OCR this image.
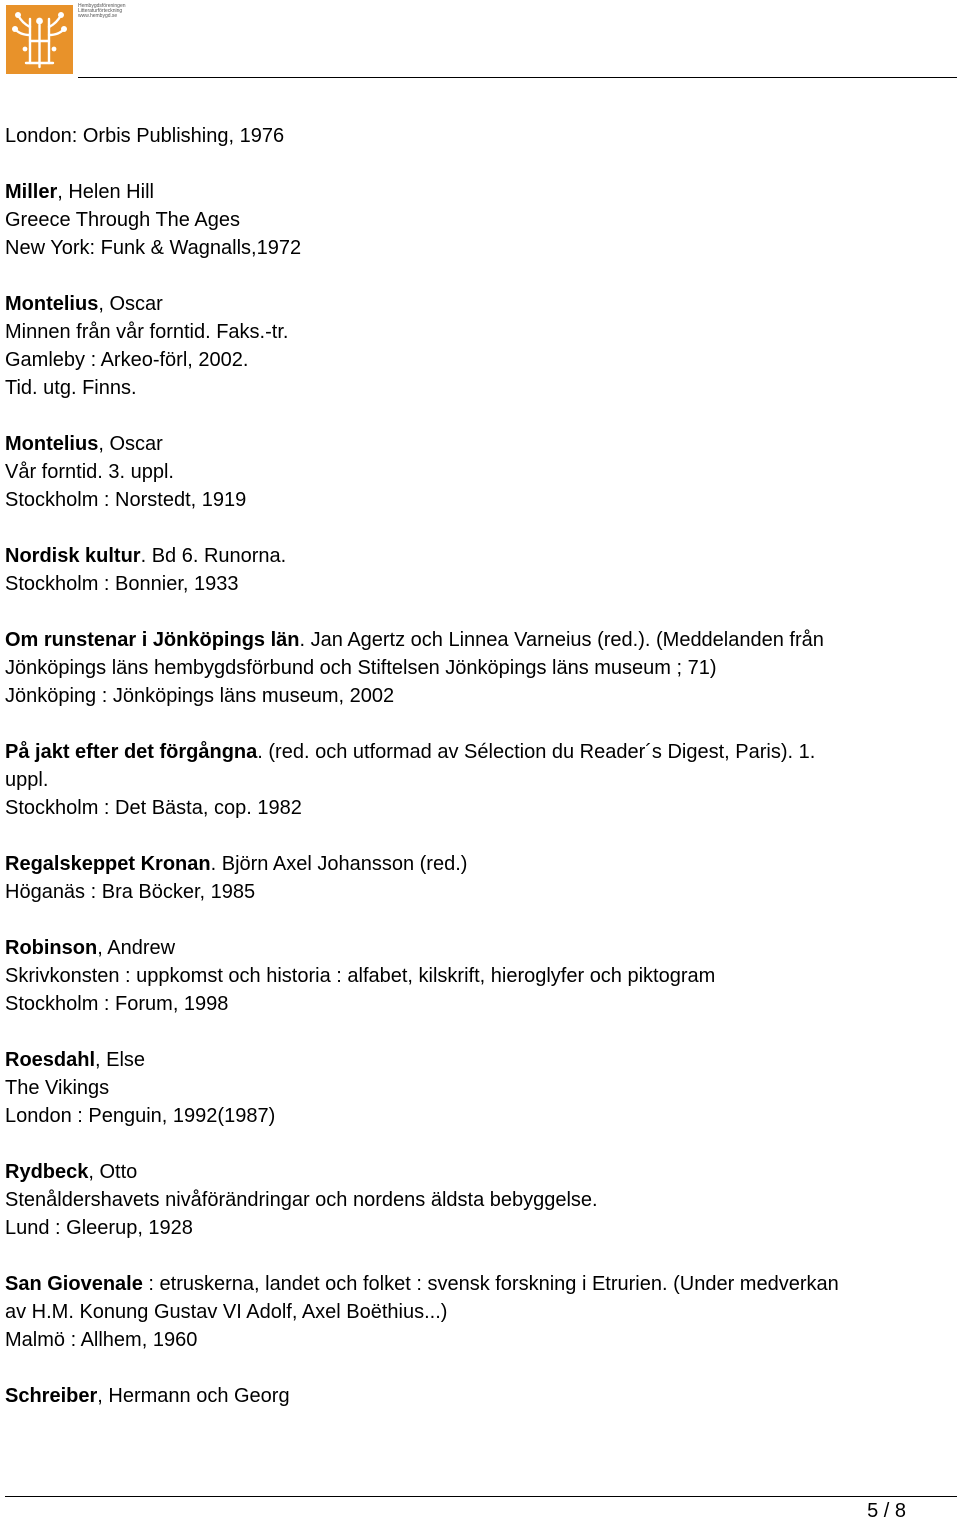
Hembygdsföreningen
Litteraturförteckning
www.hembygd.se

London: Orbis Publishing, 1976

Miller, Helen Hill

Greece Through The Ages

New York: Funk & Wagnalls,1972

Montelius, Oscar

Minnen från vår forntid. Faks.-tr.

Gamleby : Arkeo-förl, 2002.

Tid. utg. Finns.

Montelius, Oscar

Vår forntid. 3. uppl.

Stockholm : Norstedt, 1919

Nordisk kultur. Bd 6. Runorna.

Stockholm : Bonnier, 1933

Om runstenar i Jönköpings län. Jan Agertz och Linnea Varneius (red.). (Meddelanden från

Jönköpings läns hembygdsförbund och Stiftelsen Jönköpings läns museum ; 71)

Jönköping : Jönköpings läns museum, 2002

På jakt efter det förgångna. (red. och utformad av Sélection du Reader´s Digest, Paris). 1.

uppl.

Stockholm : Det Bästa, cop. 1982

Regalskeppet Kronan. Björn Axel Johansson (red.)

Höganäs : Bra Böcker, 1985

Robinson, Andrew

Skrivkonsten : uppkomst och historia : alfabet, kilskrift, hieroglyfer och piktogram

Stockholm : Forum, 1998

Roesdahl, Else

The Vikings

London : Penguin, 1992(1987)

Rydbeck, Otto

Stenåldershavets nivåförändringar och nordens äldsta bebyggelse.

Lund : Gleerup, 1928

San Giovenale : etruskerna, landet och folket : svensk forskning i Etrurien. (Under medverkan

av H.M. Konung Gustav VI Adolf, Axel Boëthius...)

Malmö : Allhem, 1960

Schreiber, Hermann och Georg

5 / 8
